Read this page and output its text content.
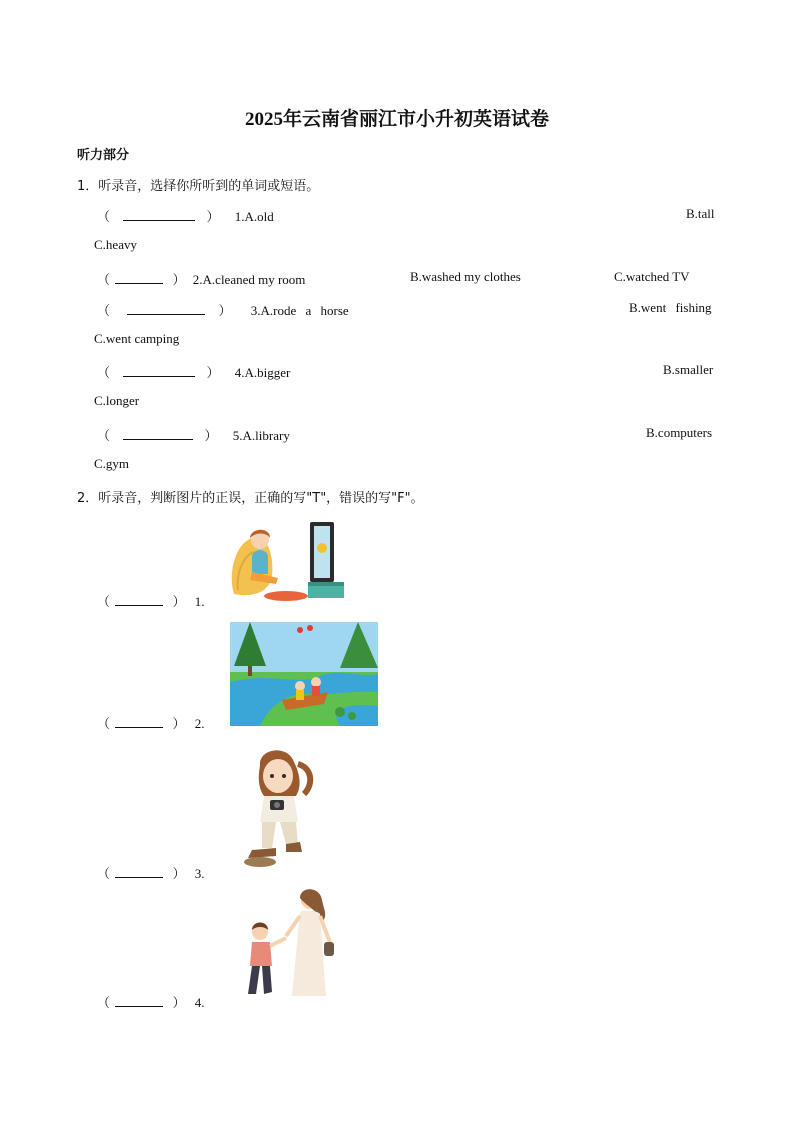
2025年云南省丽江市小升初英语试卷
听力部分
1．听录音，选择你所听到的单词或短语。
（	） 1.A.old	B.tall
C.heavy
（	） 2.A.cleaned my room	B.washed my clothes	C.watched TV
（	） 3.A.rode a horse	B.went fishing
C.went camping
（	） 4.A.bigger	B.smaller
C.longer
（	） 5.A.library	B.computers
C.gym
2．听录音，判断图片的正误，正确的写"T"，错误的写"F"。
（	） 1.
（	） 2.
（	） 3.
（	） 4.
